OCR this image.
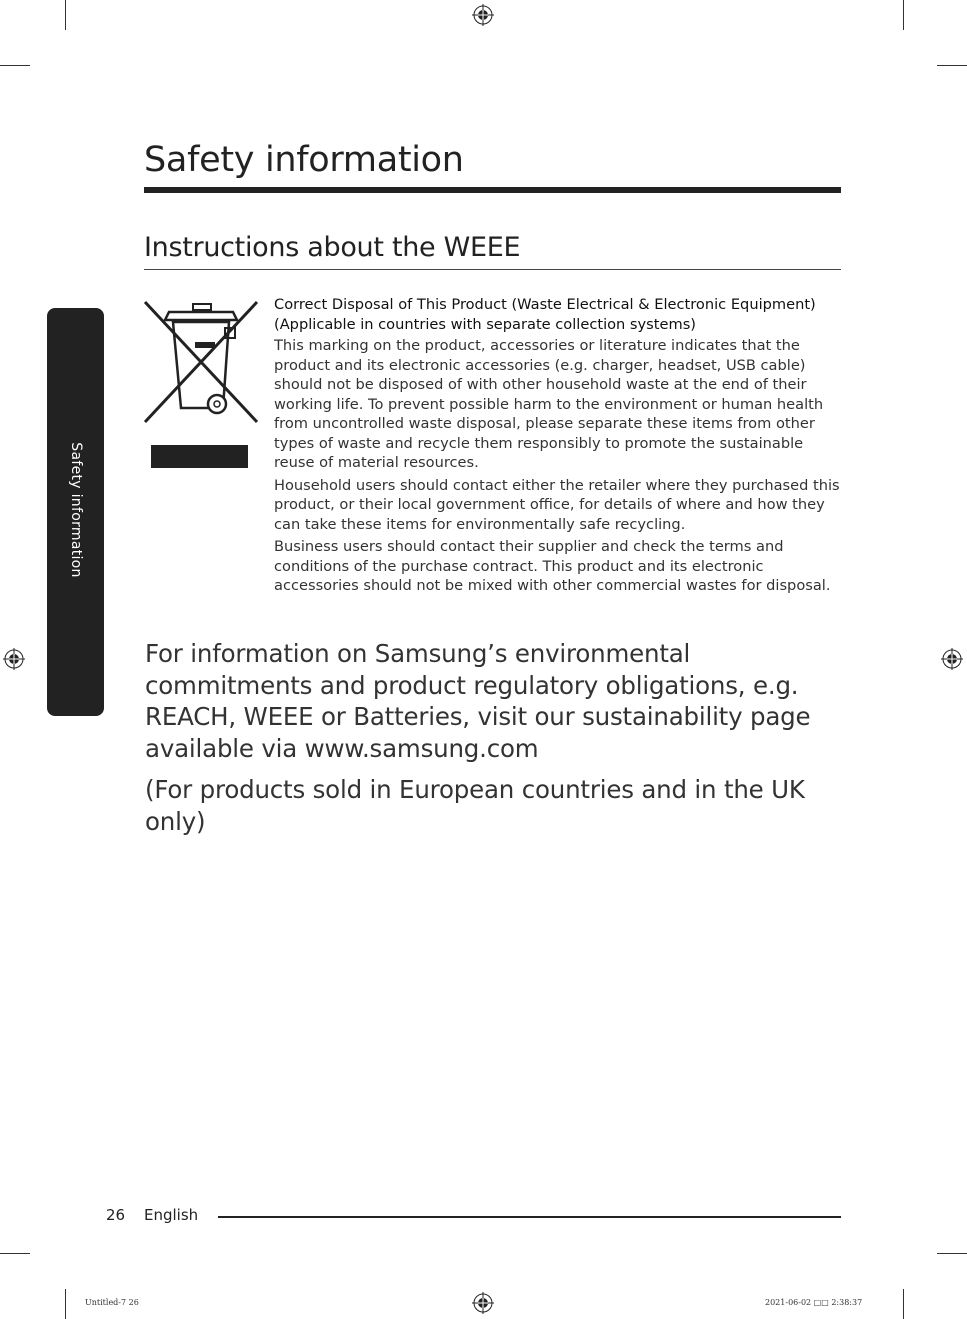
Safety information
Safety information
Instructions about the WEEE

Correct Disposal of This Product (Waste Electrical & Electronic Equipment)

(Applicable in countries with separate collection systems)

This marking on the product, accessories or literature indicates that the product and its electronic accessories (e.g. charger, headset, USB cable) should not be disposed of with other household waste at the end of their working life. To prevent possible harm to the environment or human health from uncontrolled waste disposal, please separate these items from other types of waste and recycle them responsibly to promote the sustainable reuse of material resources.

Household users should contact either the retailer where they purchased this product, or their local government office, for details of where and how they can take these items for environmentally safe recycling.

Business users should contact their supplier and check the terms and conditions of the purchase contract. This product and its electronic accessories should not be mixed with other commercial wastes for disposal.

For information on Samsung’s environmental commitments and product regulatory obligations, e.g. REACH, WEEE or Batteries, visit our sustainability page available via www.samsung.com

(For products sold in European countries and in the UK only)

26 English
Untitled-7 26	2021-06-02 □□ 2:38:37
